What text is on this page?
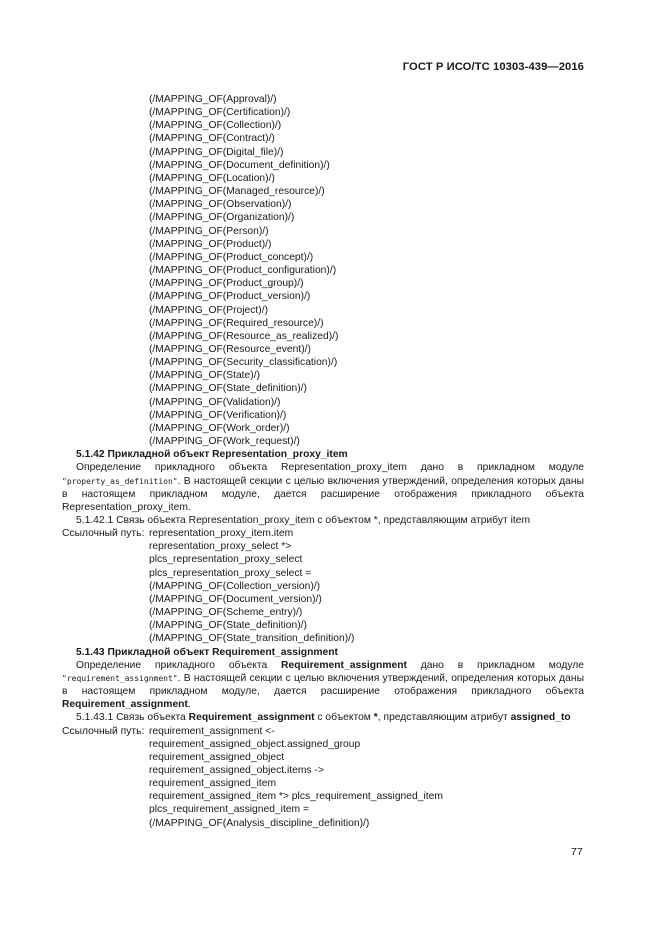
ГОСТ Р ИСО/ТС 10303-439—2016
(/MAPPING_OF(Approval)/)
(/MAPPING_OF(Certification)/)
(/MAPPING_OF(Collection)/)
(/MAPPING_OF(Contract)/)
(/MAPPING_OF(Digital_file)/)
(/MAPPING_OF(Document_definition)/)
(/MAPPING_OF(Location)/)
(/MAPPING_OF(Managed_resource)/)
(/MAPPING_OF(Observation)/)
(/MAPPING_OF(Organization)/)
(/MAPPING_OF(Person)/)
(/MAPPING_OF(Product)/)
(/MAPPING_OF(Product_concept)/)
(/MAPPING_OF(Product_configuration)/)
(/MAPPING_OF(Product_group)/)
(/MAPPING_OF(Product_version)/)
(/MAPPING_OF(Project)/)
(/MAPPING_OF(Required_resource)/)
(/MAPPING_OF(Resource_as_realized)/)
(/MAPPING_OF(Resource_event)/)
(/MAPPING_OF(Security_classification)/)
(/MAPPING_OF(State)/)
(/MAPPING_OF(State_definition)/)
(/MAPPING_OF(Validation)/)
(/MAPPING_OF(Verification)/)
(/MAPPING_OF(Work_order)/)
(/MAPPING_OF(Work_request)/)
5.1.42 Прикладной объект Representation_proxy_item
Определение прикладного объекта Representation_proxy_item дано в прикладном модуле "property_as_definition". В настоящей секции с целью включения утверждений, определения которых даны в настоящем прикладном модуле, дается расширение отображения прикладного объекта Representation_proxy_item.
5.1.42.1 Связь объекта Representation_proxy_item с объектом *, представляющим атрибут item
Ссылочный путь: representation_proxy_item.item
representation_proxy_select *>
plcs_representation_proxy_select
plcs_representation_proxy_select =
(/MAPPING_OF(Collection_version)/)
(/MAPPING_OF(Document_version)/)
(/MAPPING_OF(Scheme_entry)/)
(/MAPPING_OF(State_definition)/)
(/MAPPING_OF(State_transition_definition)/)
5.1.43 Прикладной объект Requirement_assignment
Определение прикладного объекта Requirement_assignment дано в прикладном модуле "requirement_assignment". В настоящей секции с целью включения утверждений, определения которых даны в настоящем прикладном модуле, дается расширение отображения прикладного объекта Requirement_assignment.
5.1.43.1 Связь объекта Requirement_assignment с объектом *, представляющим атрибут assigned_to
Ссылочный путь: requirement_assignment <-
requirement_assigned_object.assigned_group
requirement_assigned_object
requirement_assigned_object.items ->
requirement_assigned_item
requirement_assigned_item *> plcs_requirement_assigned_item
plcs_requirement_assigned_item =
(/MAPPING_OF(Analysis_discipline_definition)/)
77
